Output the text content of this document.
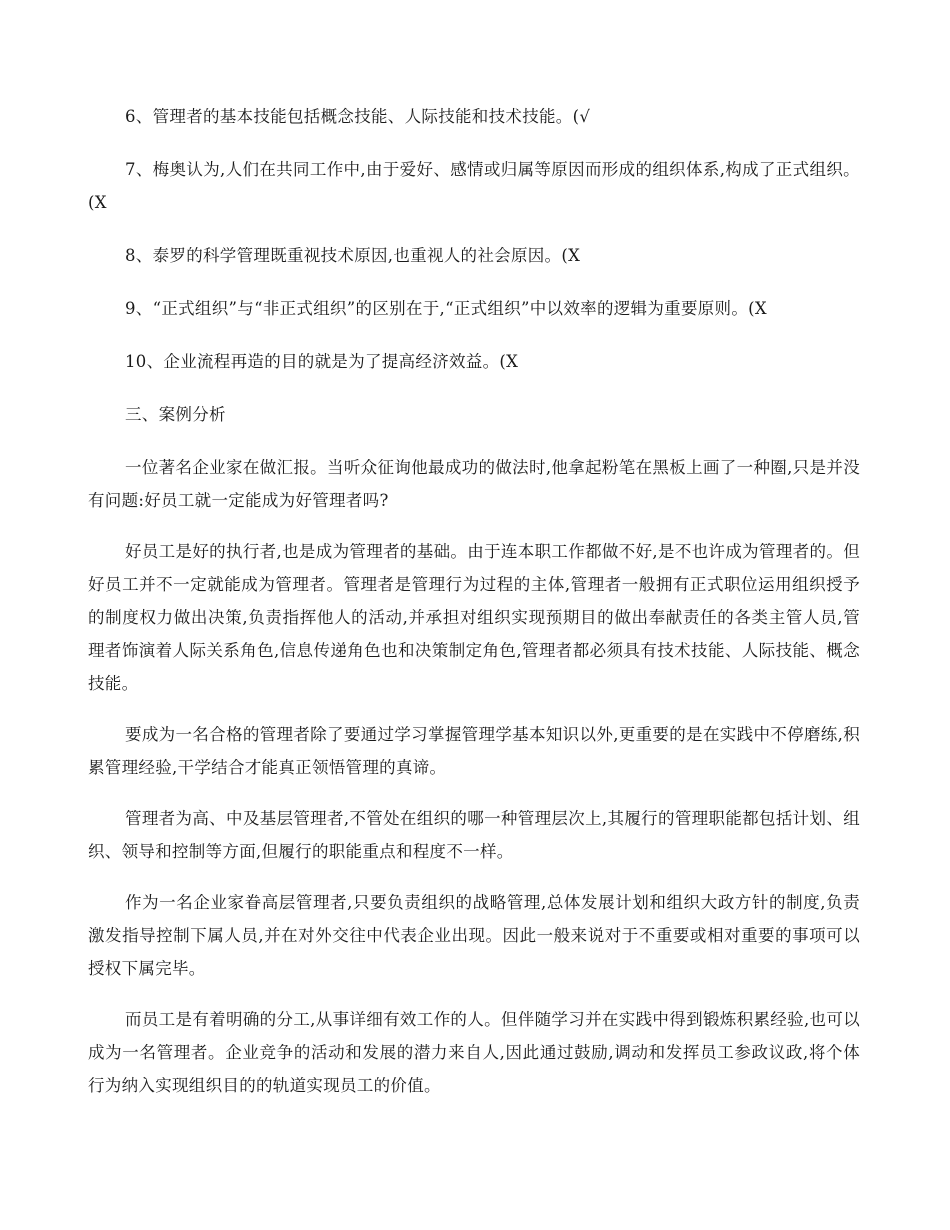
6、管理者的基本技能包括概念技能、人际技能和技术技能。(√

7、梅奥认为,人们在共同工作中,由于爱好、感情或归属等原因而形成的组织体系,构成了正式组织。(X

8、泰罗的科学管理既重视技术原因,也重视人的社会原因。(X

9、“正式组织”与“非正式组织”的区别在于,“正式组织”中以效率的逻辑为重要原则。(X

10、企业流程再造的目的就是为了提高经济效益。(X

三、案例分析

一位著名企业家在做汇报。当听众征询他最成功的做法时,他拿起粉笔在黑板上画了一种圈,只是并没有问题:好员工就一定能成为好管理者吗?

好员工是好的执行者,也是成为管理者的基础。由于连本职工作都做不好,是不也许成为管理者的。但好员工并不一定就能成为管理者。管理者是管理行为过程的主体,管理者一般拥有正式职位运用组织授予的制度权力做出决策,负责指挥他人的活动,并承担对组织实现预期目的做出奉献责任的各类主管人员,管理者饰演着人际关系角色,信息传递角色也和决策制定角色,管理者都必须具有技术技能、人际技能、概念技能。

要成为一名合格的管理者除了要通过学习掌握管理学基本知识以外,更重要的是在实践中不停磨练,积累管理经验,干学结合才能真正领悟管理的真谛。

管理者为高、中及基层管理者,不管处在组织的哪一种管理层次上,其履行的管理职能都包括计划、组织、领导和控制等方面,但履行的职能重点和程度不一样。

作为一名企业家眷高层管理者,只要负责组织的战略管理,总体发展计划和组织大政方针的制度,负责激发指导控制下属人员,并在对外交往中代表企业出现。因此一般来说对于不重要或相对重要的事项可以授权下属完毕。

而员工是有着明确的分工,从事详细有效工作的人。但伴随学习并在实践中得到锻炼积累经验,也可以成为一名管理者。企业竞争的活动和发展的潜力来自人,因此通过鼓励,调动和发挥员工参政议政,将个体行为纳入实现组织目的的轨道实现员工的价值。
